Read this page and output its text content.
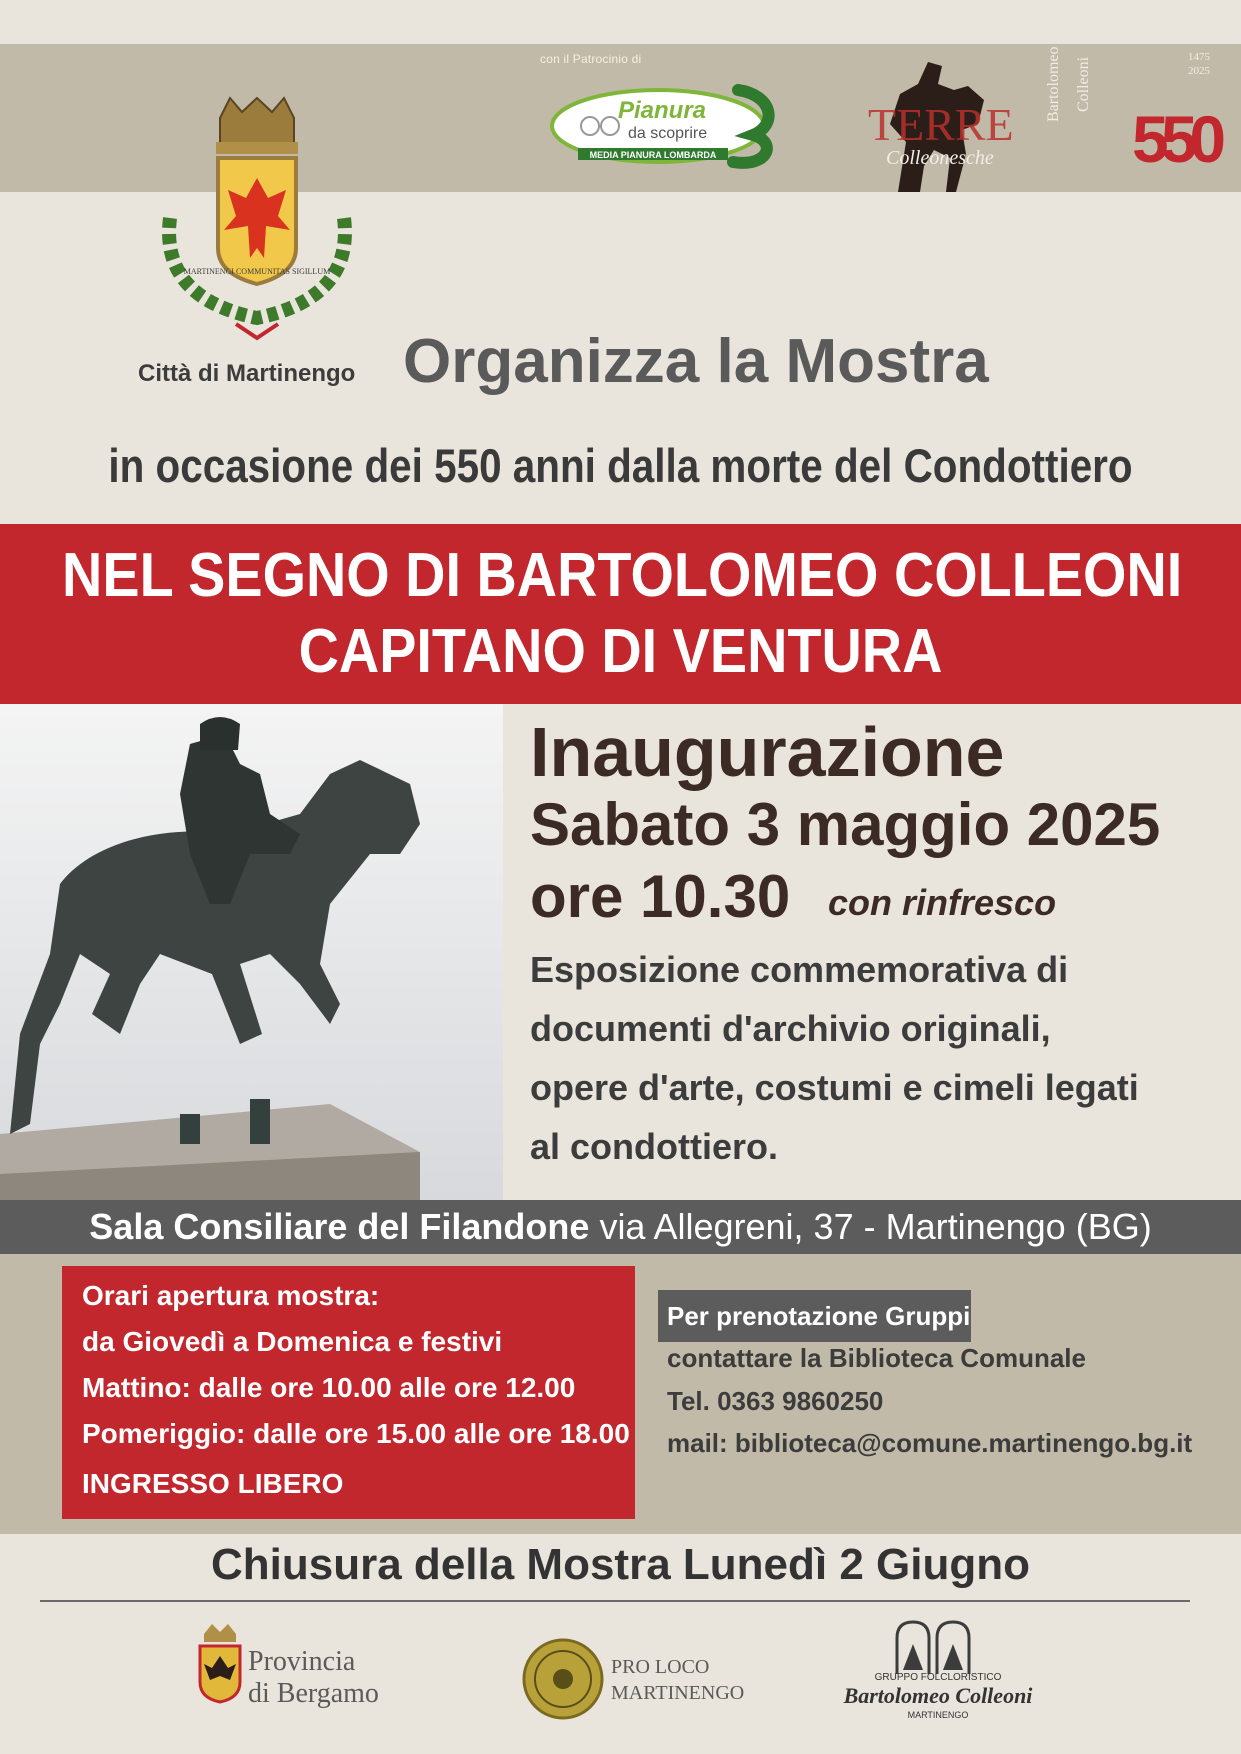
con il Patrocinio di
Pianura
da scoprire
MEDIA PIANURA LOMBARDA
TERRE
Colleonesche
Bartolomeo Colleoni	1475
2025
550
MARTINENGI COMMUNITAS SIGILLUM
Città di Martinengo Organizza la Mostra
in occasione dei 550 anni dalla morte del Condottiero
NEL SEGNO DI BARTOLOMEO COLLEONI
CAPITANO DI VENTURA
Inaugurazione
Sabato 3 maggio 2025
ore 10.30 con rinfresco
Esposizione commemorativa di
documenti d'archivio originali,
opere d'arte, costumi e cimeli legati
al condottiero.
Sala Consiliare del Filandone via Allegreni, 37 - Martinengo (BG)
Orari apertura mostra:
da Giovedì a Domenica e festivi
Mattino: dalle ore 10.00 alle ore 12.00
Pomeriggio: dalle ore 15.00 alle ore 18.00
INGRESSO LIBERO
Per prenotazione Gruppi
contattare la Biblioteca Comunale
Tel. 0363 9860250
mail: biblioteca@comune.martinengo.bg.it
Chiusura della Mostra Lunedì 2 Giugno
Provincia
di Bergamo
PRO LOCO
MARTINENGO
GRUPPO FOLCLORISTICO
Bartolomeo Colleoni
MARTINENGO
